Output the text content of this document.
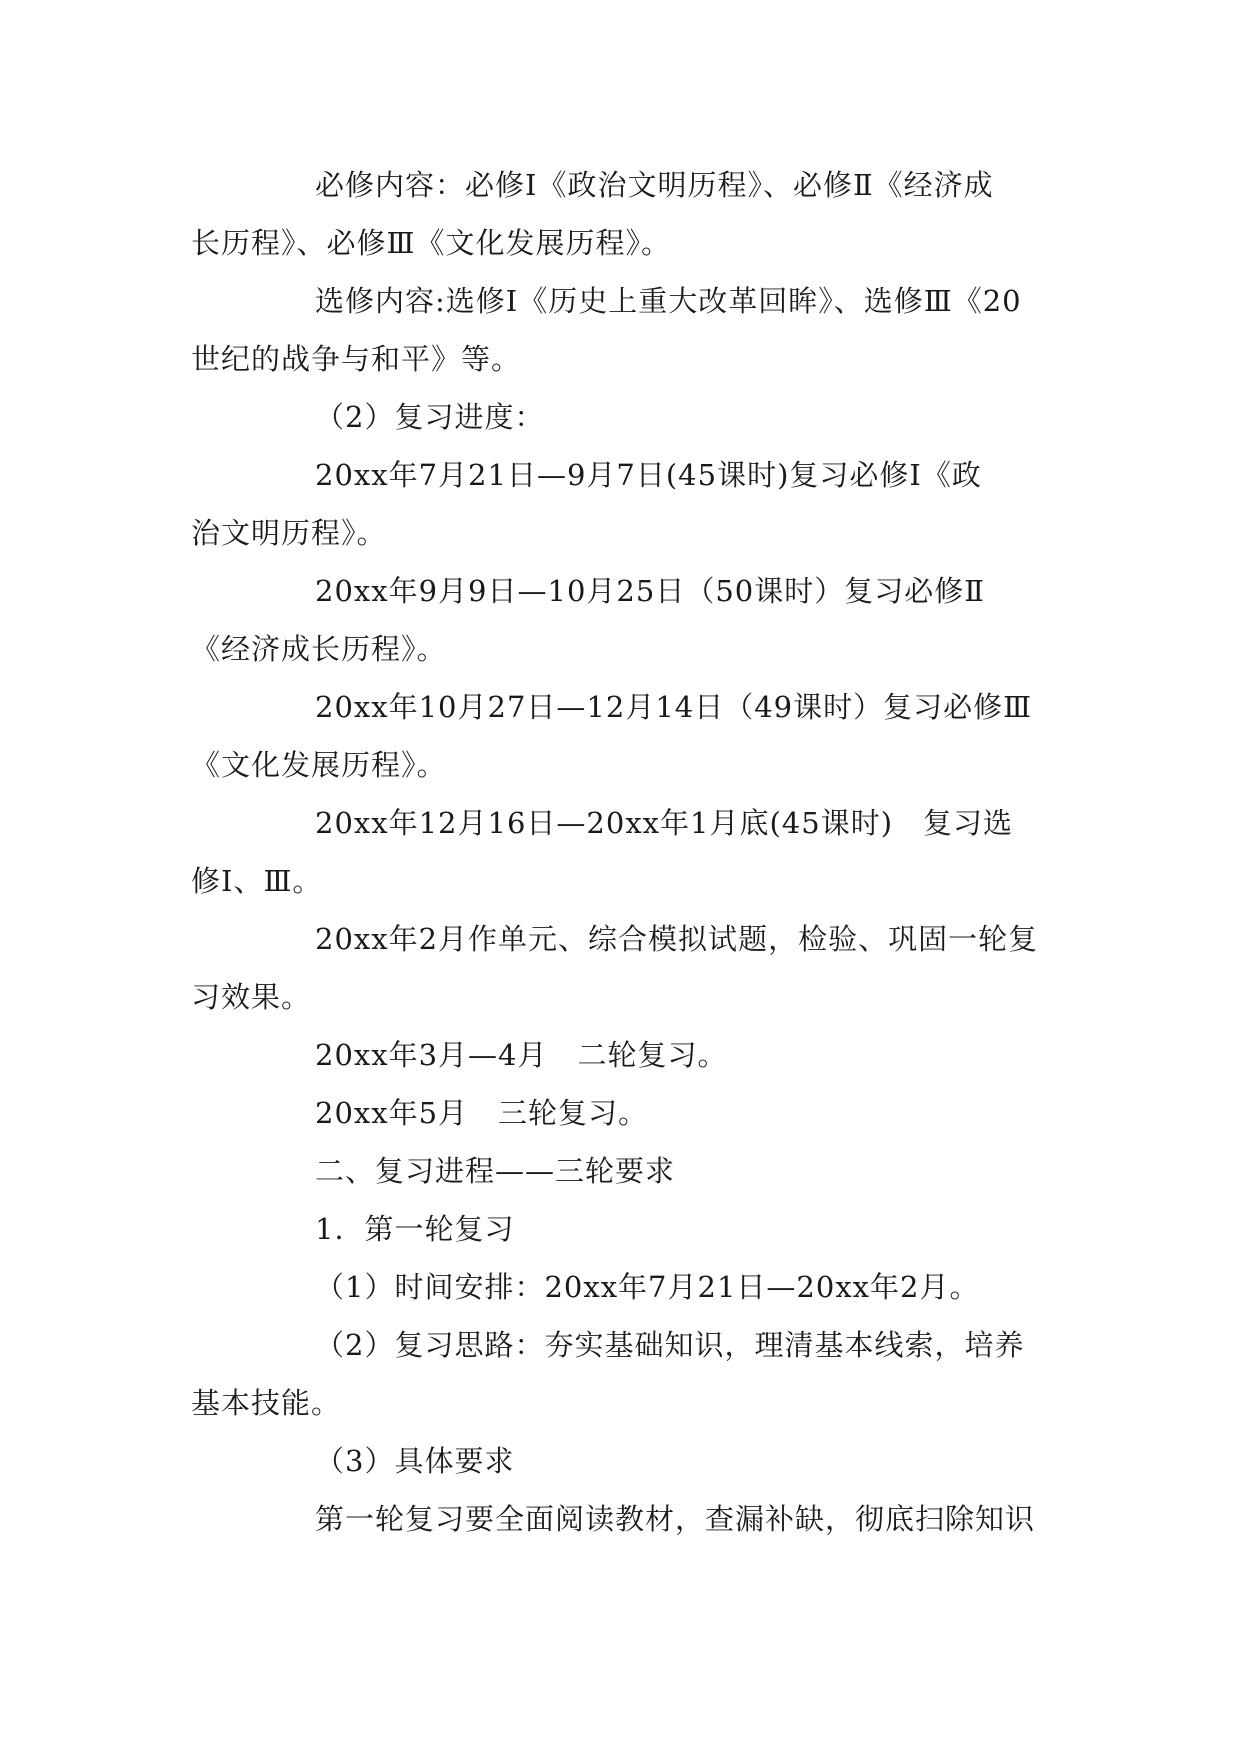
必修内容：必修Ⅰ《政治文明历程》、必修Ⅱ《经济成
长历程》、必修Ⅲ《文化发展历程》。
选修内容:选修Ⅰ《历史上重大改革回眸》、选修Ⅲ《20
世纪的战争与和平》等。
（2）复习进度：
20xx年7月21日—9月7日(45课时)复习必修Ⅰ《政
治文明历程》。
20xx年9月9日—10月25日（50课时）复习必修Ⅱ
《经济成长历程》。
20xx年10月27日—12月14日（49课时）复习必修Ⅲ
《文化发展历程》。
20xx年12月16日—20xx年1月底(45课时)　复习选
修Ⅰ、Ⅲ。
20xx年2月作单元、综合模拟试题，检验、巩固一轮复
习效果。
20xx年3月—4月　二轮复习。
20xx年5月　三轮复习。
二、复习进程——三轮要求
1．第一轮复习
（1）时间安排：20xx年7月21日—20xx年2月。
（2）复习思路：夯实基础知识，理清基本线索，培养
基本技能。
（3）具体要求
第一轮复习要全面阅读教材，查漏补缺，彻底扫除知识
